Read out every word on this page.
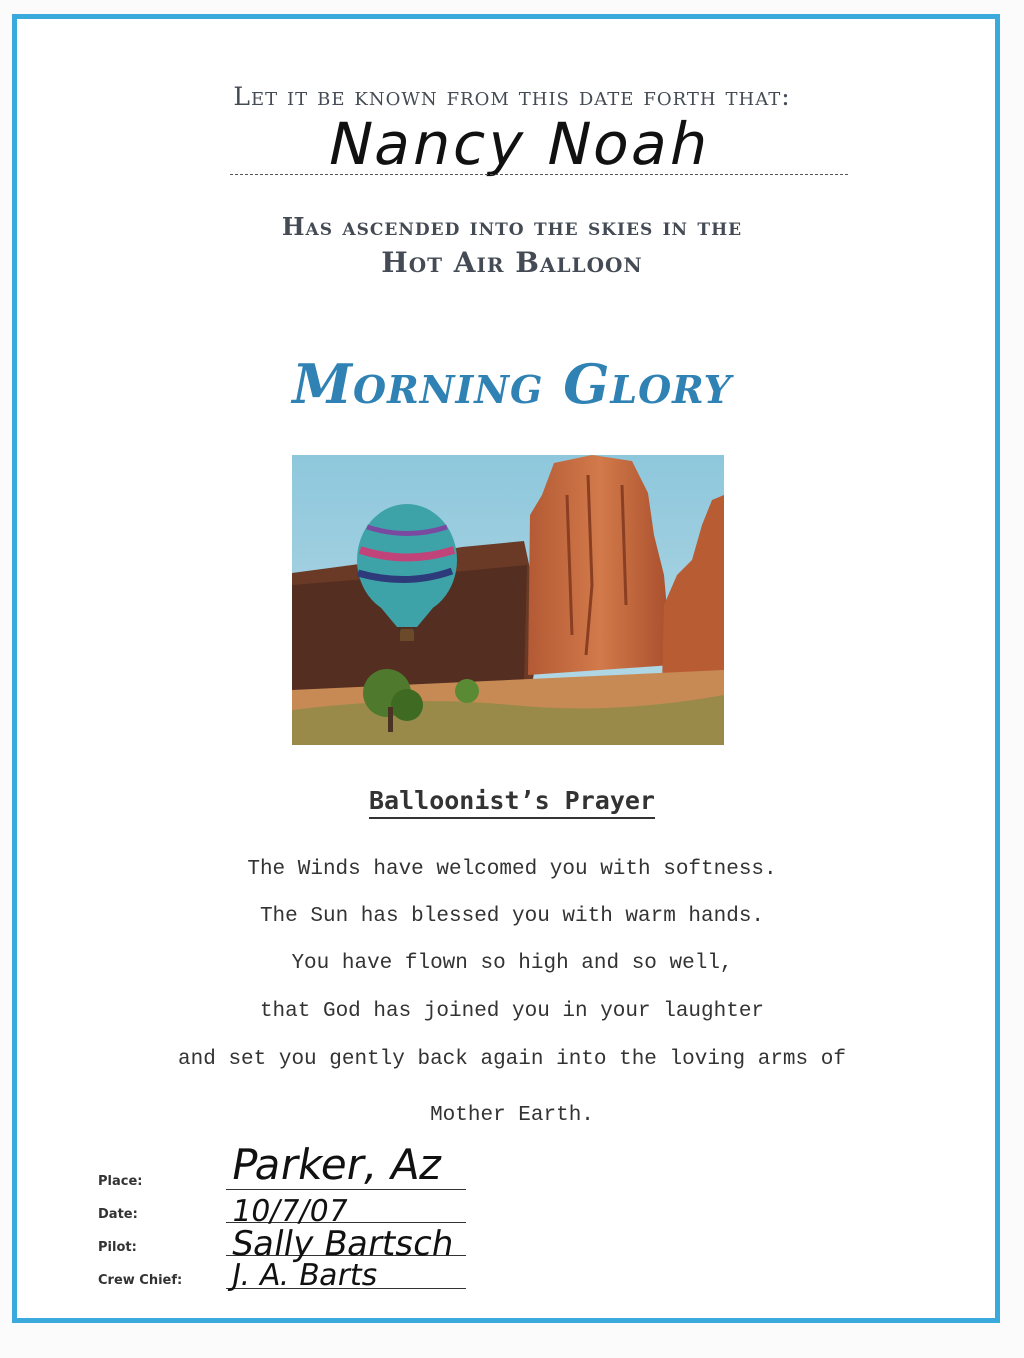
Let it be known from this date forth that:
Nancy Noah
Has ascended into the skies in the
Hot Air Balloon
Morning Glory
Balloonist’s Prayer
The Winds have welcomed you with softness.
The Sun has blessed you with warm hands.
You have flown so high and so well,
that God has joined you in your laughter
and set you gently back again into the loving arms of
Mother Earth.
Place:
Date:
Pilot:
Crew Chief:
Parker, Az
10/7/07
Sally Bartsch
J. A. Barts
